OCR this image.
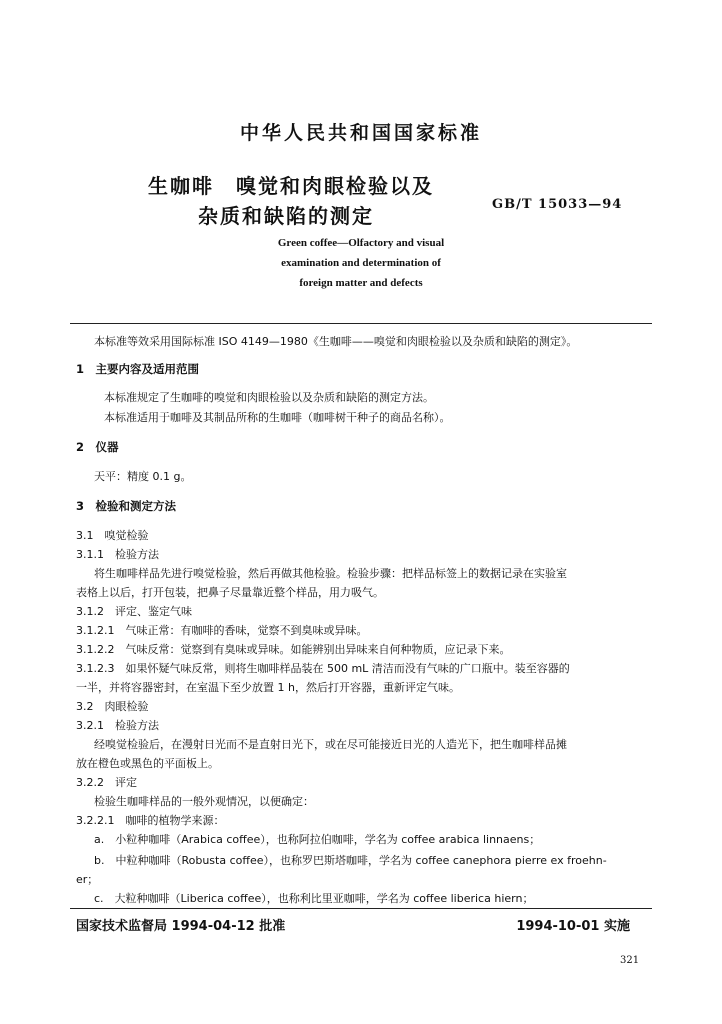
中华人民共和国国家标准
生咖啡　嗅觉和肉眼检验以及
杂质和缺陷的测定	GB/T 15033—94
Green coffee—Olfactory and visual
examination and determination of
foreign matter and defects
本标准等效采用国际标准 ISO 4149—1980《生咖啡——嗅觉和肉眼检验以及杂质和缺陷的测定》。
1　主要内容及适用范围
本标准规定了生咖啡的嗅觉和肉眼检验以及杂质和缺陷的测定方法。
本标准适用于咖啡及其制品所称的生咖啡（咖啡树干种子的商品名称）。
2　仪器
天平：精度 0.1 g。
3　检验和测定方法
3.1　嗅觉检验
3.1.1　检验方法
将生咖啡样品先进行嗅觉检验，然后再做其他检验。检验步骤：把样品标签上的数据记录在实验室
表格上以后，打开包装，把鼻子尽量靠近整个样品，用力吸气。
3.1.2　评定、鉴定气味
3.1.2.1　气味正常：有咖啡的香味，觉察不到臭味或异味。
3.1.2.2　气味反常：觉察到有臭味或异味。如能辨别出异味来自何种物质，应记录下来。
3.1.2.3　如果怀疑气味反常，则将生咖啡样品装在 500 mL 清洁而没有气味的广口瓶中。装至容器的
一半，并将容器密封，在室温下至少放置 1 h，然后打开容器，重新评定气味。
3.2　肉眼检验
3.2.1　检验方法
经嗅觉检验后，在漫射日光而不是直射日光下，或在尽可能接近日光的人造光下，把生咖啡样品摊
放在橙色或黑色的平面板上。
3.2.2　评定
检验生咖啡样品的一般外观情况，以便确定：
3.2.2.1　咖啡的植物学来源：
a.　小粒种咖啡（Arabica coffee），也称阿拉伯咖啡，学名为 coffee arabica linnaens；
b.　中粒种咖啡（Robusta coffee），也称罗巴斯塔咖啡，学名为 coffee canephora pierre ex froehn-
er；
c.　大粒种咖啡（Liberica coffee），也称利比里亚咖啡，学名为 coffee liberica hiern；
国家技术监督局 1994-04-12 批准	1994-10-01 实施
321
